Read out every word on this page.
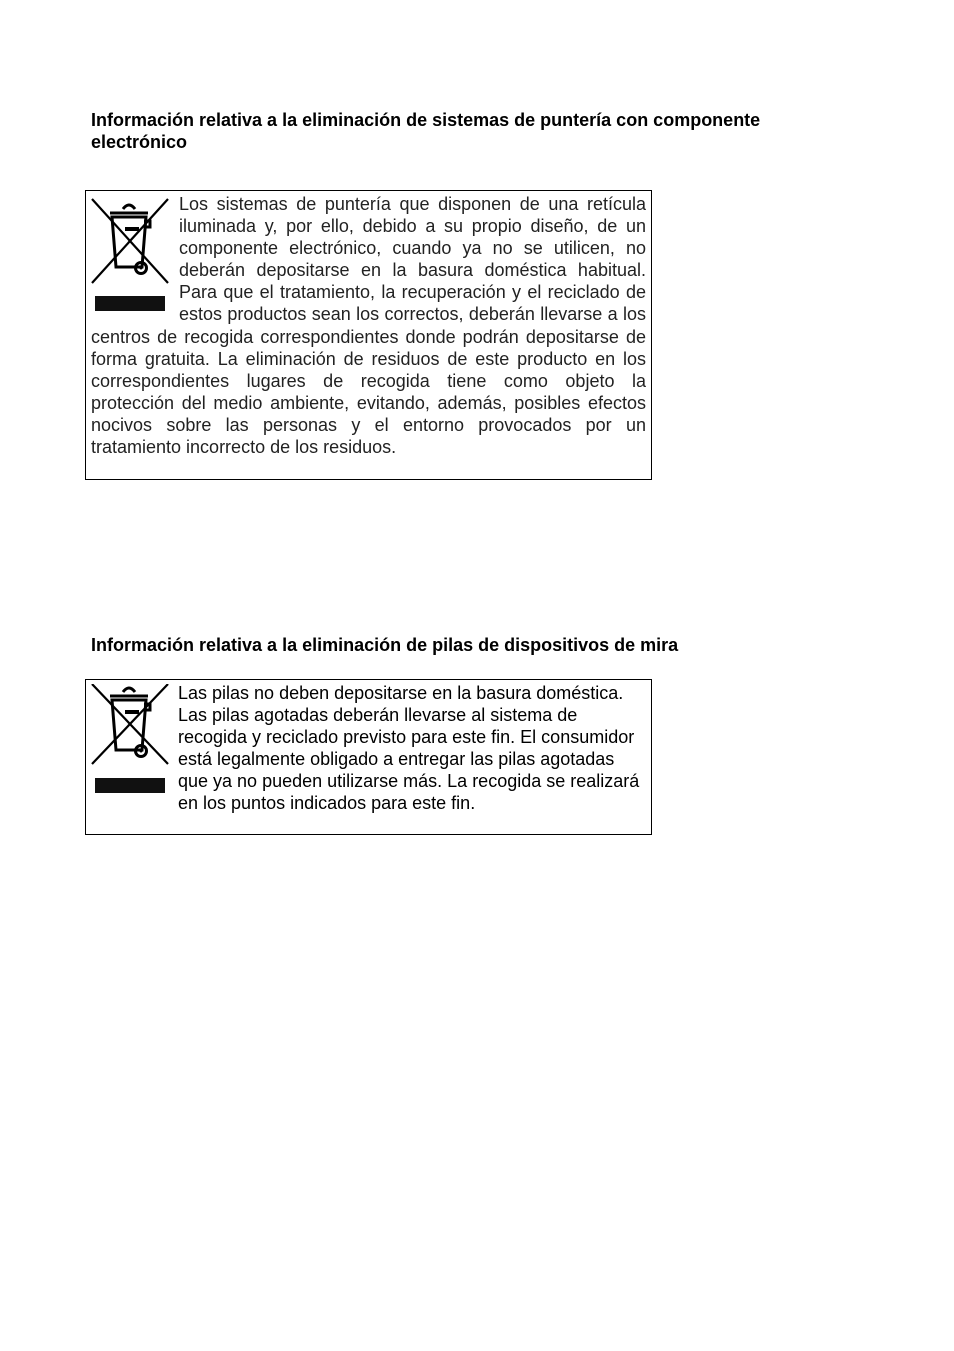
Información relativa a la eliminación de sistemas de puntería con componente electrónico

Los sistemas de puntería que disponen de una retícula iluminada y, por ello, debido a su propio diseño, de un componente electrónico, cuando ya no se utilicen, no deberán depositarse en la basura doméstica habitual. Para que el tratamiento, la recuperación y el reciclado de estos productos sean los correctos, deberán llevarse a los centros de recogida correspondientes donde podrán depositarse de forma gratuita. La eliminación de residuos de este producto en los correspondientes lugares de recogida tiene como objeto la protección del medio ambiente, evitando, además, posibles efectos nocivos sobre las personas y el entorno provocados por un tratamiento incorrecto de los residuos.

Información relativa a la eliminación de pilas de dispositivos de mira

Las pilas no deben depositarse en la basura doméstica. Las pilas agotadas deberán llevarse al sistema de recogida y reciclado previsto para este fin. El consumidor está legalmente obligado a entregar las pilas agotadas que ya no pueden utilizarse más. La recogida se realizará en los puntos indicados para este fin.
